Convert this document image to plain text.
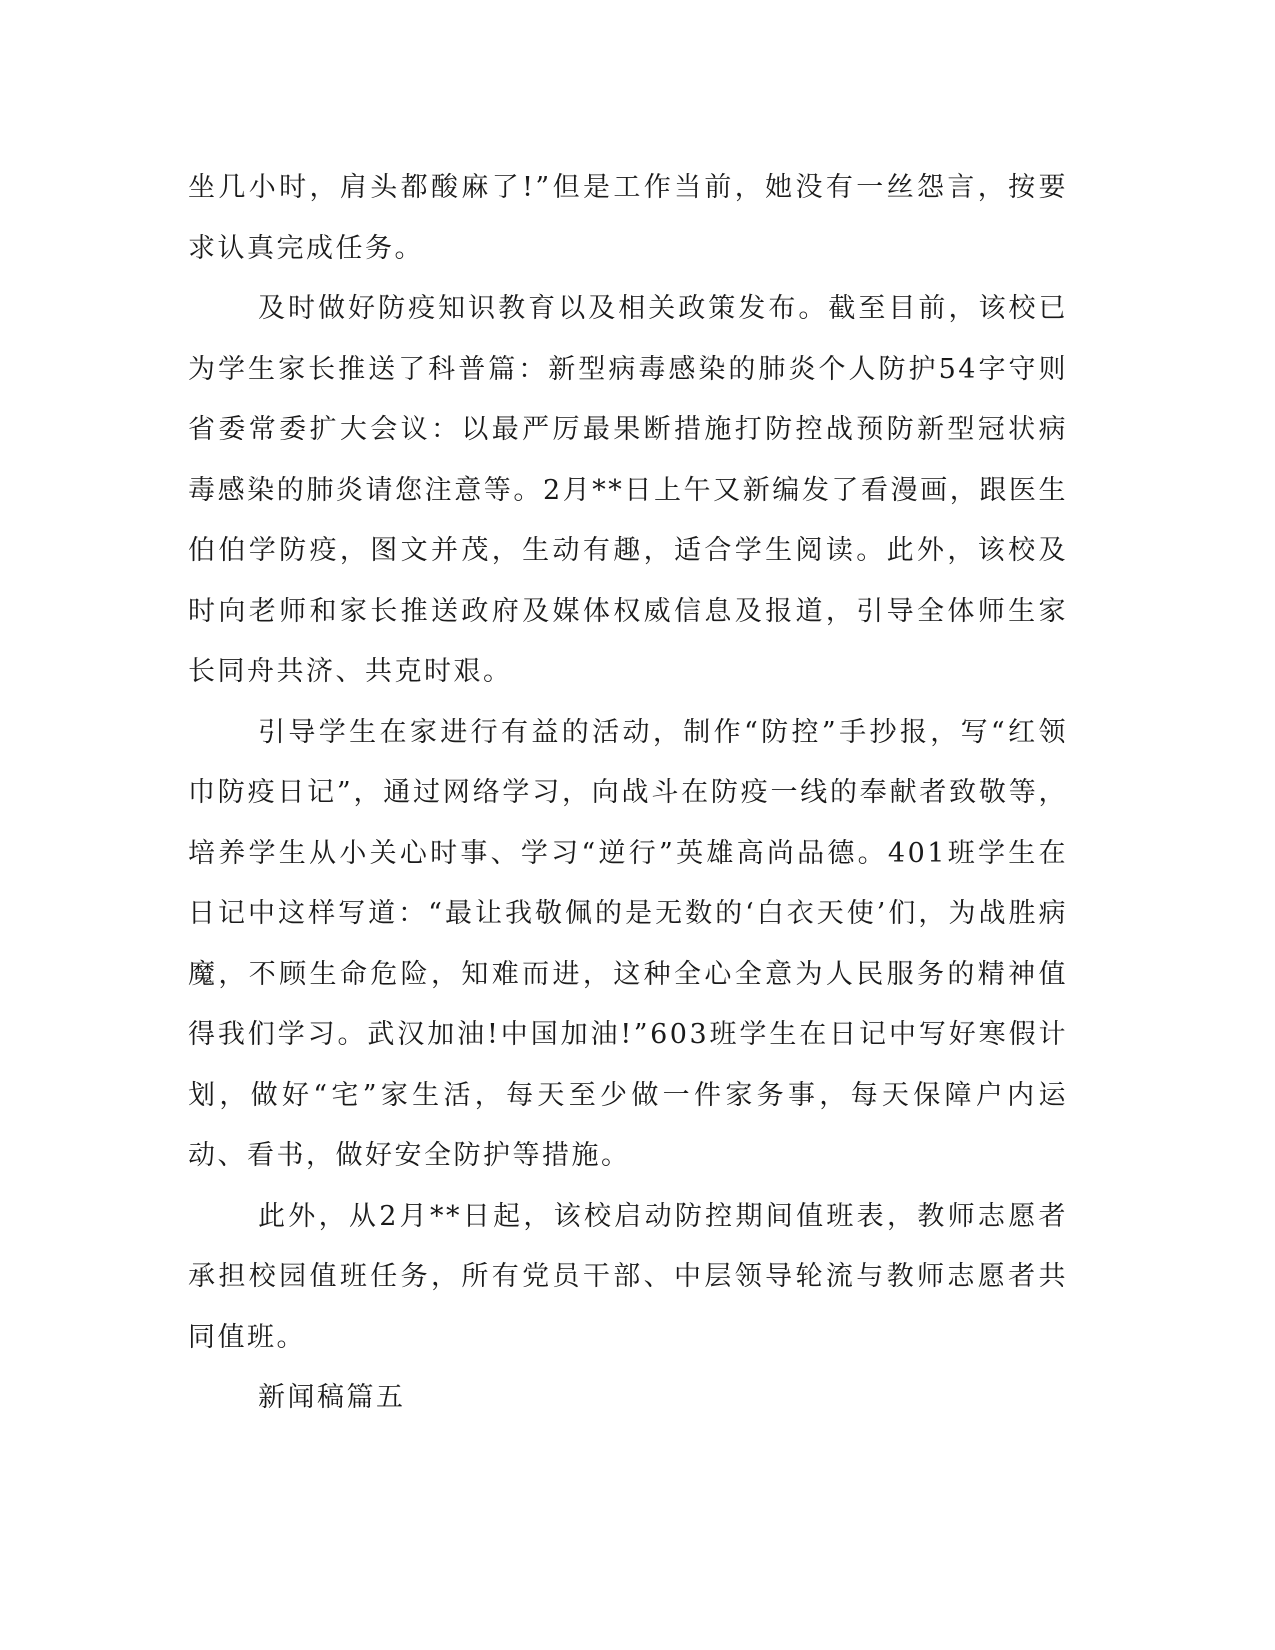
坐几小时，肩头都酸麻了!”但是工作当前，她没有一丝怨言，按要求认真完成任务。

及时做好防疫知识教育以及相关政策发布。截至目前，该校已为学生家长推送了科普篇：新型病毒感染的肺炎个人防护54字守则省委常委扩大会议：以最严厉最果断措施打防控战预防新型冠状病毒感染的肺炎请您注意等。2月**日上午又新编发了看漫画，跟医生伯伯学防疫，图文并茂，生动有趣，适合学生阅读。此外，该校及时向老师和家长推送政府及媒体权威信息及报道，引导全体师生家长同舟共济、共克时艰。

引导学生在家进行有益的活动，制作“防控”手抄报，写“红领巾防疫日记”，通过网络学习，向战斗在防疫一线的奉献者致敬等，培养学生从小关心时事、学习“逆行”英雄高尚品德。401班学生在日记中这样写道：“最让我敬佩的是无数的‘白衣天使’们，为战胜病魔，不顾生命危险，知难而进，这种全心全意为人民服务的精神值得我们学习。武汉加油!中国加油!”603班学生在日记中写好寒假计划，做好“宅”家生活，每天至少做一件家务事，每天保障户内运动、看书，做好安全防护等措施。

此外，从2月**日起，该校启动防控期间值班表，教师志愿者承担校园值班任务，所有党员干部、中层领导轮流与教师志愿者共同值班。

新闻稿篇五
